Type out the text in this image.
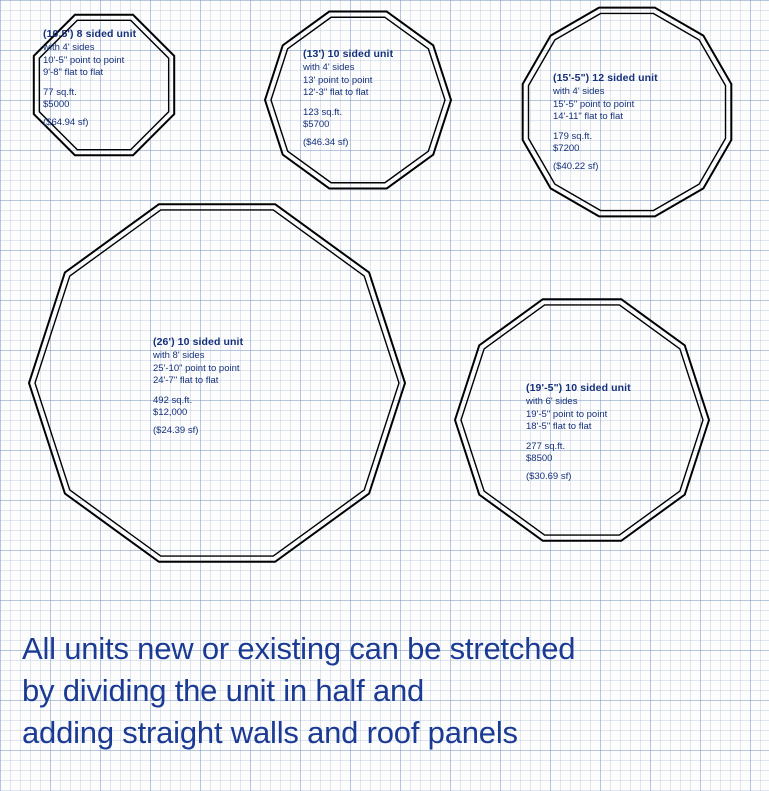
(10.5') 8 sided unit
with 4' sides
10'-5" point to point
9'-8" flat to flat
77 sq.ft.
$5000
($64.94 sf)
(13') 10 sided unit
with 4' sides
13' point to point
12'-3" flat to flat
123 sq.ft.
$5700
($46.34 sf)
(15'-5") 12 sided unit
with 4' sides
15'-5" point to point
14'-11" flat to flat
179 sq.ft.
$7200
($40.22 sf)
(26') 10 sided unit
with 8' sides
25'-10" point to point
24'-7" flat to flat
492 sq.ft.
$12,000
($24.39 sf)
(19'-5") 10 sided unit
with 6' sides
19'-5" point to point
18'-5" flat to flat
277 sq.ft.
$8500
($30.69 sf)
All units new or existing can be stretched
by dividing the unit in half and
adding straight walls and roof panels
